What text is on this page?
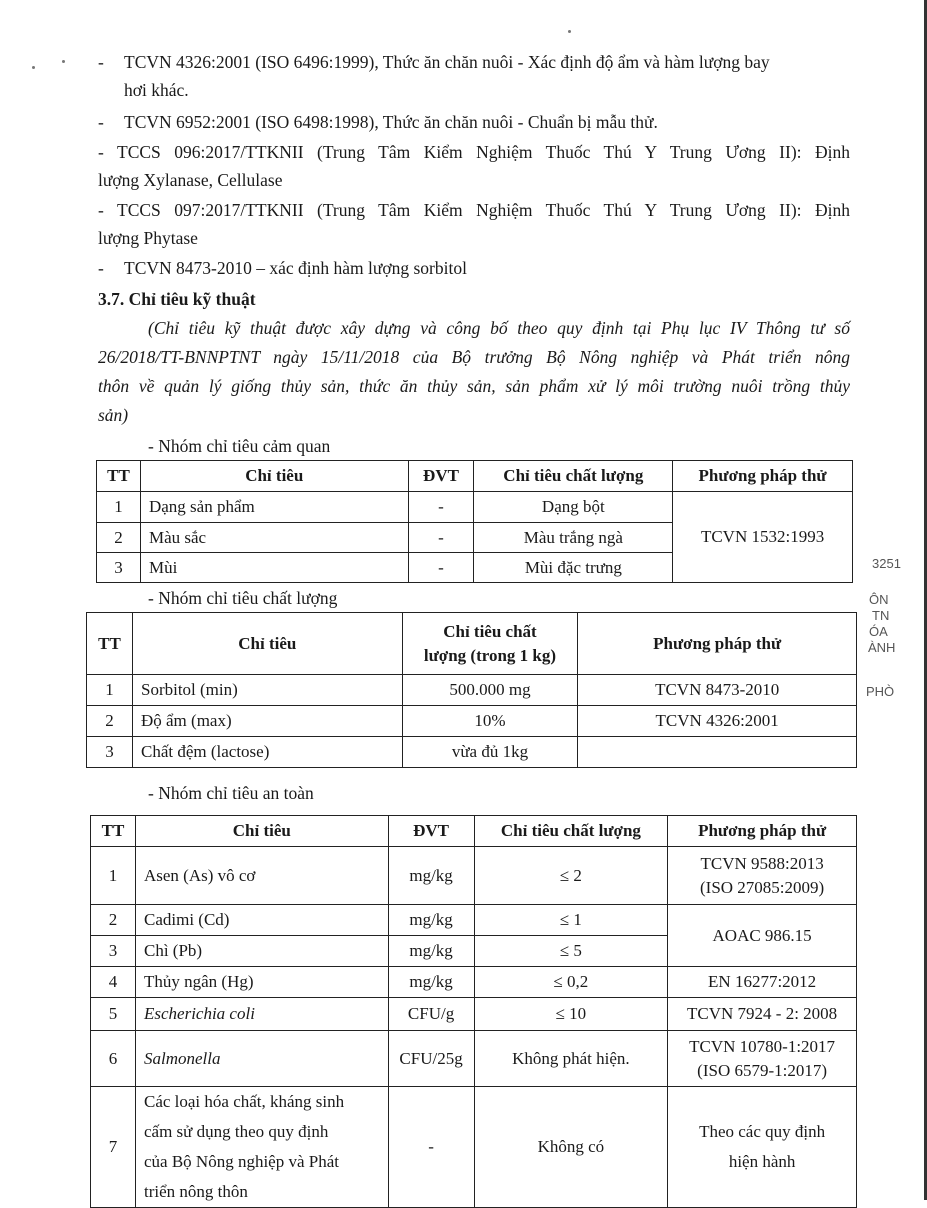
- TCVN 4326:2001 (ISO 6496:1999), Thức ăn chăn nuôi - Xác định độ ẩm và hàm lượng bay
hơi khác.
- TCVN 6952:2001 (ISO 6498:1998), Thức ăn chăn nuôi - Chuẩn bị mẫu thử.
- TCCS 096:2017/TTKNII (Trung Tâm Kiểm Nghiệm Thuốc Thú Y Trung Ương II): Định
lượng Xylanase, Cellulase
- TCCS 097:2017/TTKNII (Trung Tâm Kiểm Nghiệm Thuốc Thú Y Trung Ương II): Định
lượng Phytase
- TCVN 8473-2010 – xác định hàm lượng sorbitol
3.7. Chỉ tiêu kỹ thuật
(Chỉ tiêu kỹ thuật được xây dựng và công bố theo quy định tại Phụ lục IV Thông tư số
26/2018/TT-BNNPTNT ngày 15/11/2018 của Bộ trưởng Bộ Nông nghiệp và Phát triển nông
thôn về quản lý giống thủy sản, thức ăn thủy sản, sản phẩm xử lý môi trường nuôi trồng thủy
sản)
- Nhóm chỉ tiêu cảm quan
TT	Chỉ tiêu	ĐVT	Chỉ tiêu chất lượng	Phương pháp thử
1	Dạng sản phẩm	-	Dạng bột	TCVN 1532:1993
2	Màu sắc	-	Màu trắng ngà	
3	Mùi	-	Mùi đặc trưng	
- Nhóm chỉ tiêu chất lượng
TT	Chỉ tiêu	Chỉ tiêu chất
lượng (trong 1 kg)	Phương pháp thử
1	Sorbitol (min)	500.000 mg	TCVN 8473-2010
2	Độ ẩm (max)	10%	TCVN 4326:2001
3	Chất đệm (lactose)	vừa đủ 1kg	
- Nhóm chỉ tiêu an toàn
TT	Chỉ tiêu	ĐVT	Chỉ tiêu chất lượng	Phương pháp thử
1	Asen (As) vô cơ	mg/kg	≤ 2	TCVN 9588:2013
(ISO 27085:2009)
2	Cadimi (Cd)	mg/kg	≤ 1	AOAC 986.15
3	Chì (Pb)	mg/kg	≤ 5	
4	Thủy ngân (Hg)	mg/kg	≤ 0,2	EN 16277:2012
5	Escherichia coli	CFU/g	≤ 10	TCVN 7924 - 2: 2008
6	Salmonella	CFU/25g	Không phát hiện.	TCVN 10780-1:2017
(ISO 6579-1:2017)
7	Các loại hóa chất, kháng sinh
cấm sử dụng theo quy định
của Bộ Nông nghiệp và Phát
triển nông thôn	-	Không có	Theo các quy định
hiện hành
3251
ÔN
TN
ÓA
ÀNH
PHÒ
